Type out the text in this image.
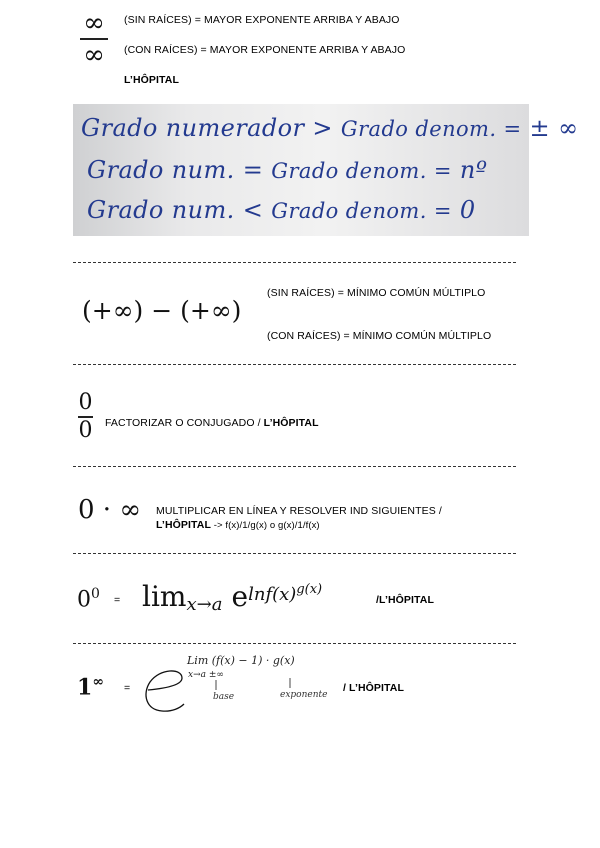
∞
∞
(SIN RAÍCES) = MAYOR EXPONENTE ARRIBA Y ABAJO
(CON RAÍCES) = MAYOR EXPONENTE ARRIBA Y ABAJO
L’HÔPITAL
Grado numerador > Grado denom. = ± ∞
Grado num. = Grado denom. = nº
Grado num. < Grado denom. = 0
(+∞) − (+∞)
(SIN RAÍCES) = MÍNIMO COMÚN MÚLTIPLO
(CON RAÍCES) = MÍNIMO COMÚN MÚLTIPLO
0
0 FACTORIZAR O CONJUGADO / L’HÔPITAL
0 · ∞ MULTIPLICAR EN LÍNEA Y RESOLVER IND SIGUIENTES /
L’HÔPITAL -> f(x)/1/g(x) o g(x)/1/f(x)
$0^0 = \lim_{x\to a} e^{lnf(x)^{g(x)}}$
/L’HÔPITAL
1∞ =
Lim (f(x) − 1) · g(x)
x→a ±∞
base	exponente
/ L’HÔPITAL
